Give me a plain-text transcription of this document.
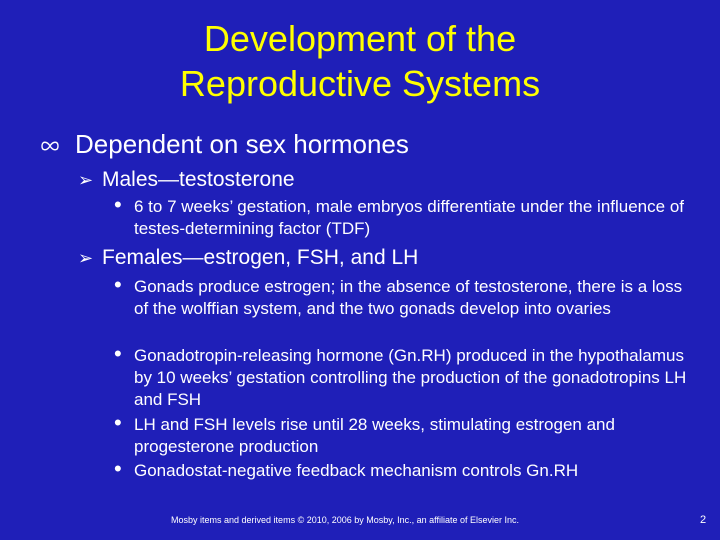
Development of the
Reproductive Systems
Dependent on sex hormones
➢ Males—testosterone
• 6 to 7 weeks’ gestation, male embryos differentiate under the influence of testes-determining factor (TDF)
➢ Females—estrogen, FSH, and LH
• Gonads produce estrogen; in the absence of testosterone, there is a loss of the wolffian system, and the two gonads develop into ovaries
• Gonadotropin-releasing hormone (Gn.RH) produced in the hypothalamus by 10 weeks’ gestation controlling the production of the gonadotropins LH and FSH
• LH and FSH levels rise until 28 weeks, stimulating estrogen and progesterone production
• Gonadostat-negative feedback mechanism controls Gn.RH
Mosby items and derived items © 2010, 2006 by Mosby, Inc., an affiliate of Elsevier Inc.	2
